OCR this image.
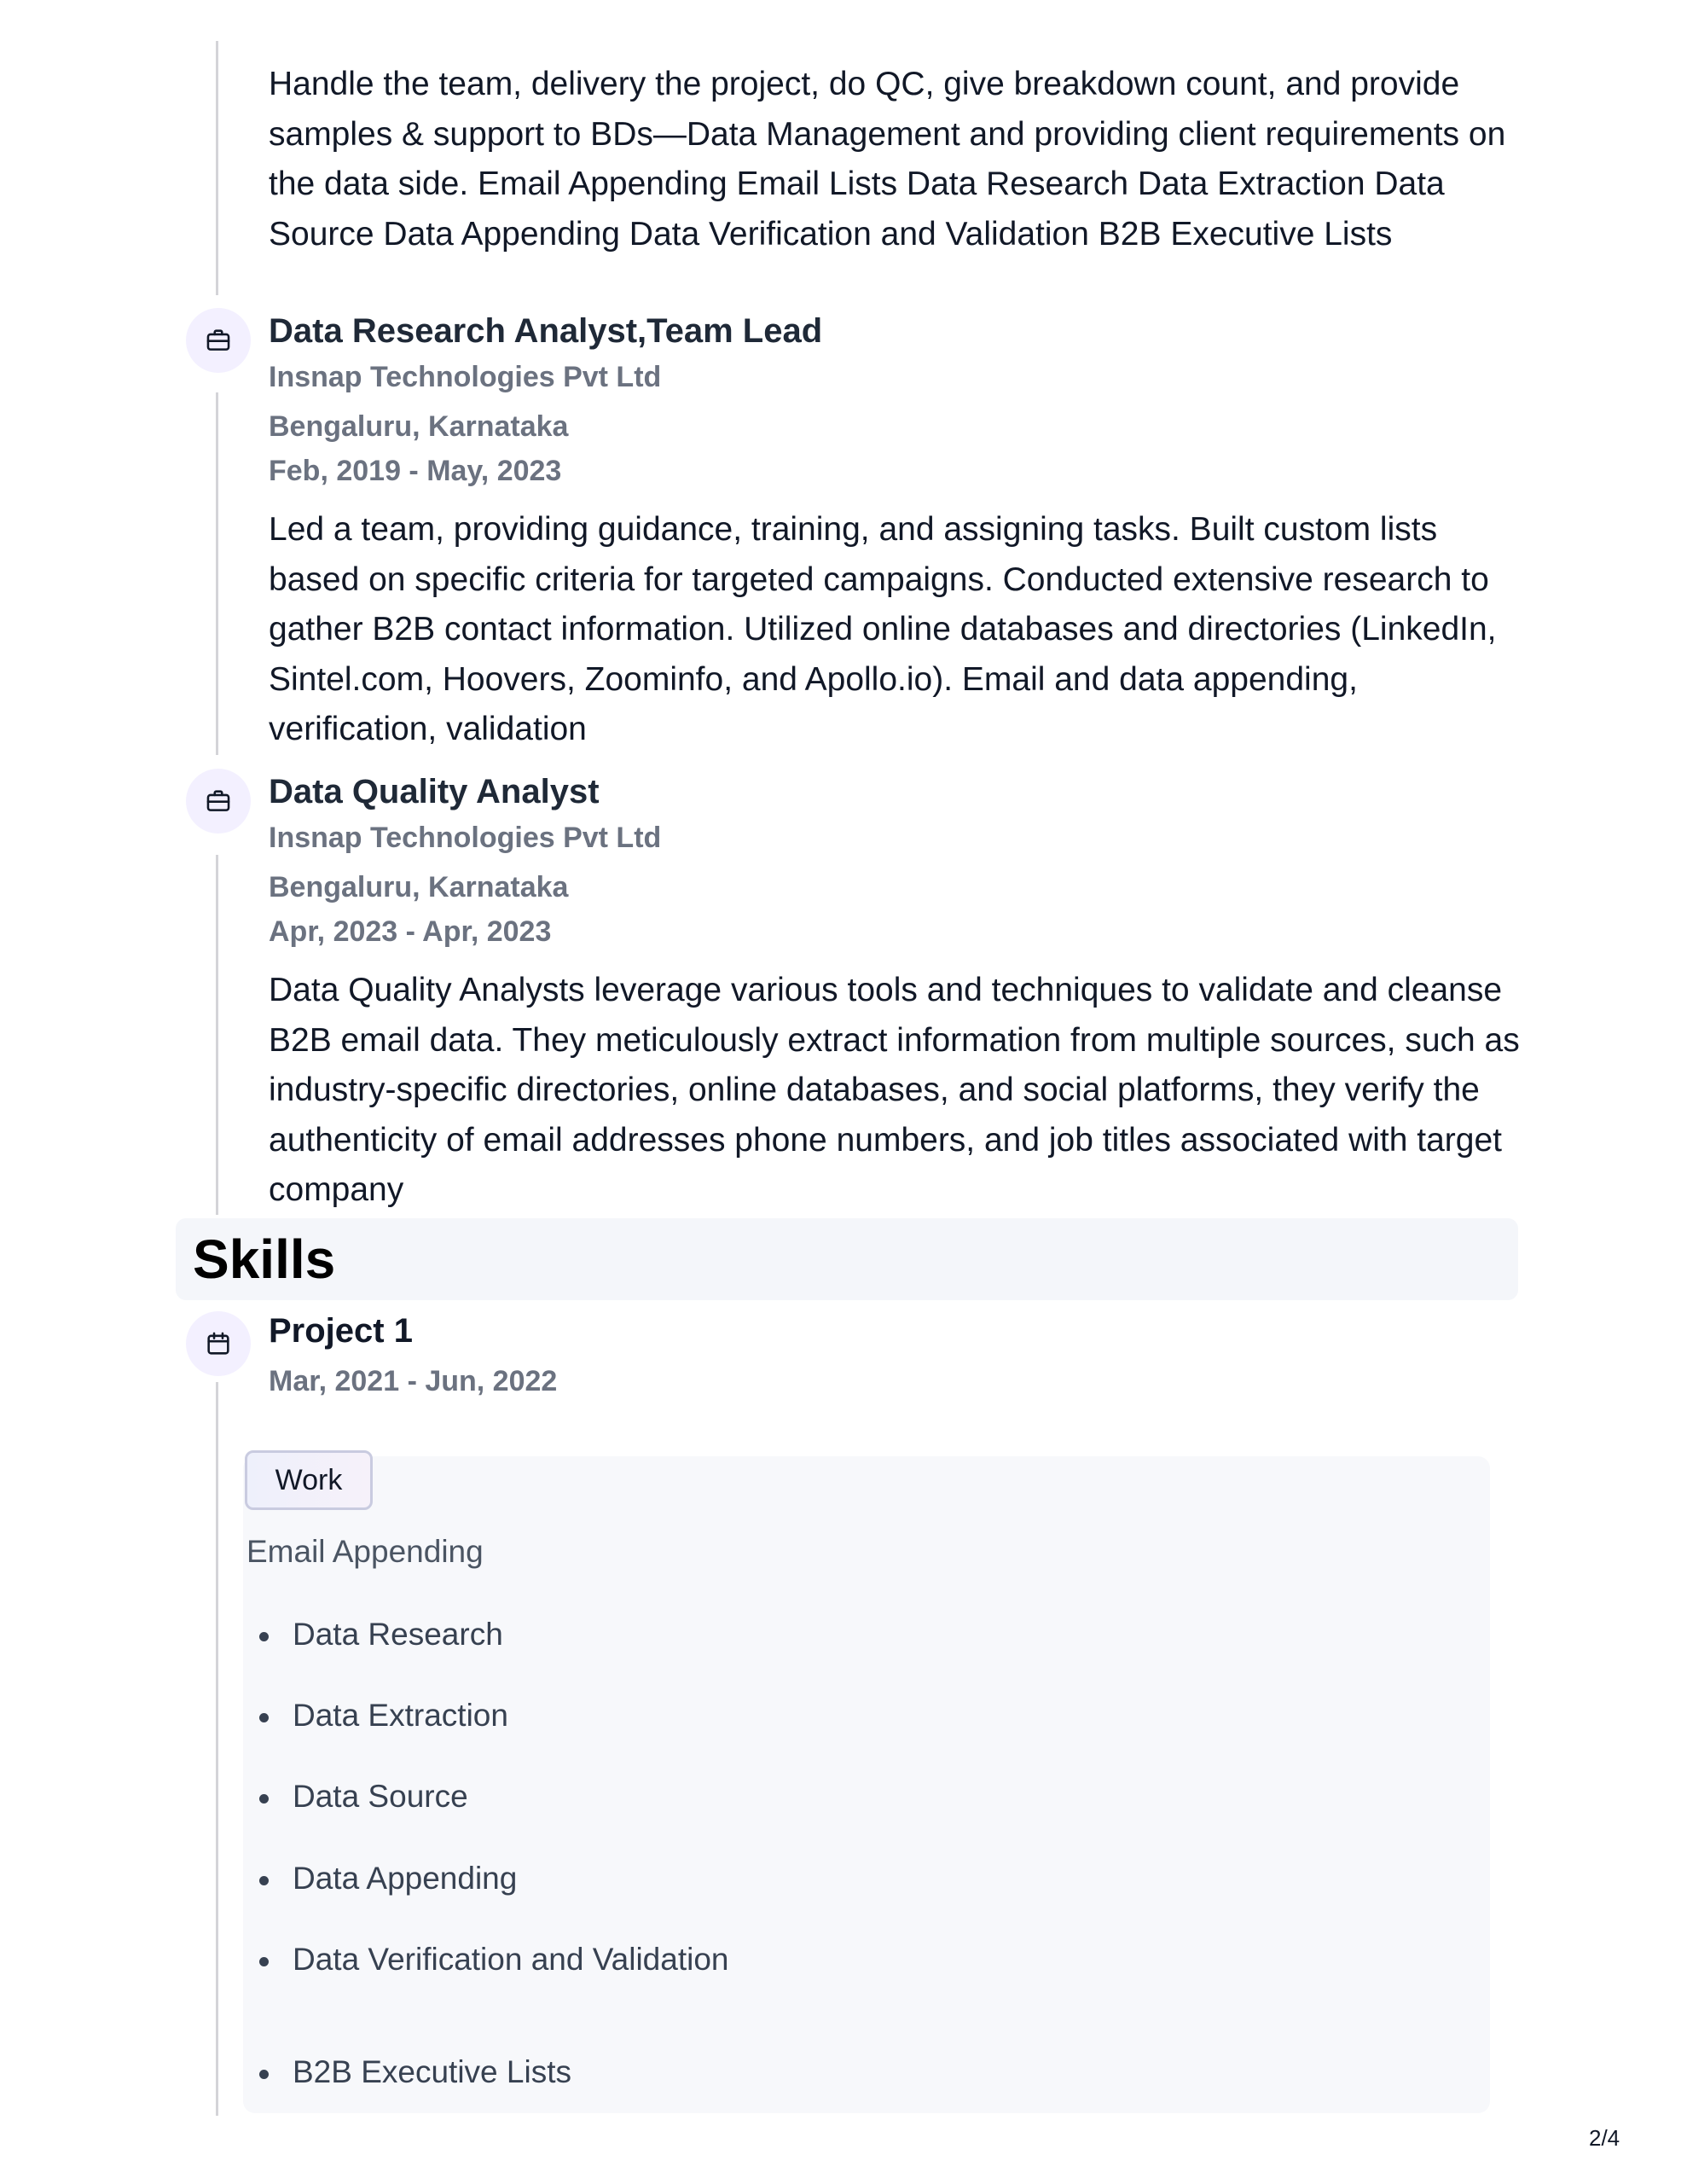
Handle the team, delivery the project, do QC, give breakdown count, and provide samples & support to BDs—Data Management and providing client requirements on the data side. Email Appending Email Lists Data Research Data Extraction Data Source Data Appending Data Verification and Validation B2B Executive Lists

Data Research Analyst,Team Lead
Insnap Technologies Pvt Ltd
Bengaluru, Karnataka
Feb, 2019 - May, 2023

Led a team, providing guidance, training, and assigning tasks. Built custom lists based on specific criteria for targeted campaigns. Conducted extensive research to gather B2B contact information. Utilized online databases and directories (LinkedIn, Sintel.com, Hoovers, Zoominfo, and Apollo.io). Email and data appending, verification, validation

Data Quality Analyst
Insnap Technologies Pvt Ltd
Bengaluru, Karnataka
Apr, 2023 - Apr, 2023

Data Quality Analysts leverage various tools and techniques to validate and cleanse B2B email data. They meticulously extract information from multiple sources, such as industry-specific directories, online databases, and social platforms, they verify the authenticity of email addresses phone numbers, and job titles associated with target company

Skills
Project 1
Mar, 2021 - Jun, 2022
Work
Email Appending
Data Research
Data Extraction
Data Source
Data Appending
Data Verification and Validation
B2B Executive Lists
2/4
